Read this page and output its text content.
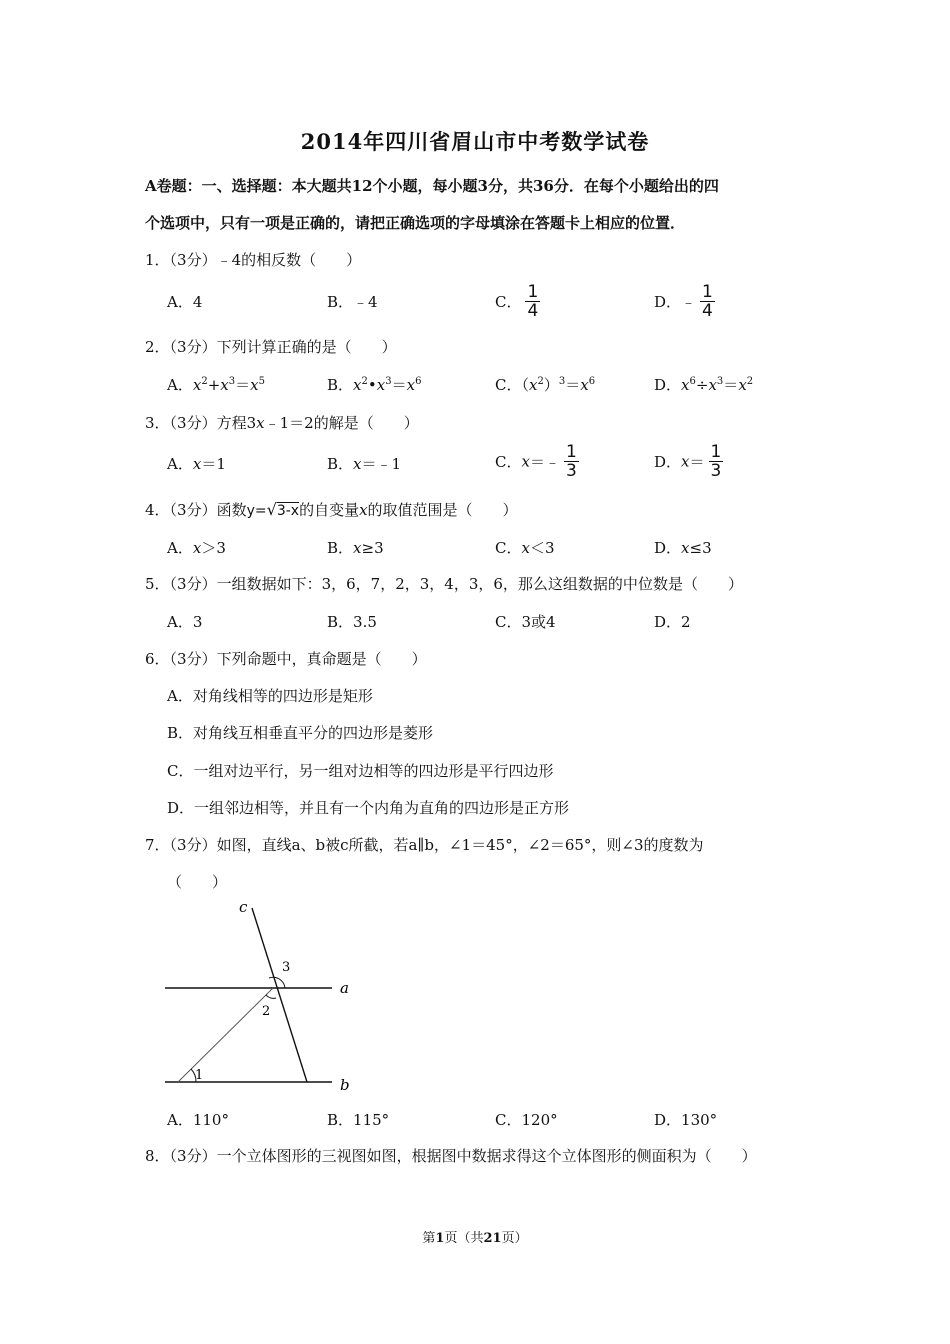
2014年四川省眉山市中考数学试卷
A卷题：一、选择题：本大题共12个小题，每小题3分，共36分．在每个小题给出的四
个选项中，只有一项是正确的，请把正确选项的字母填涂在答题卡上相应的位置．
1．（3分）﹣4的相反数（　　）
A．4	B．﹣4	C． $\frac{1}{4}$	D．﹣ $\frac{1}{4}$
2．（3分）下列计算正确的是（　　）
A．$x^2+x^3=x^5$	B．$x^2•x^3=x^6$	C．$(x^2)^3=x^6$	D．$x^6\div x^3=x^2$
3．（3分）方程3x﹣1＝2的解是（　　）
A．x＝1	B．x＝﹣1	C．x＝﹣ $\frac{1}{3}$	D．$x= \frac{1}{3}$
4．（3分）函数y=√3-x的自变量x的取值范围是（　　）
A．x＞3	B．x≥3	C．x＜3	D．x≤3
5．（3分）一组数据如下：3，6，7，2，3，4，3，6，那么这组数据的中位数是（　　）
A．3	B．3.5	C．3或4	D．2
6．（3分）下列命题中，真命题是（　　）
A．对角线相等的四边形是矩形
B．对角线互相垂直平分的四边形是菱形
C．一组对边平行，另一组对边相等的四边形是平行四边形
D．一组邻边相等，并且有一个内角为直角的四边形是正方形
7．（3分）如图，直线a、b被c所截，若a∥b，∠1＝45°，∠2＝65°，则∠3的度数为
（　　）
c
a
b
3
2
1
A．110°	B．115°	C．120°	D．130°
8．（3分）一个立体图形的三视图如图，根据图中数据求得这个立体图形的侧面积为（　　）
第1页（共21页）
